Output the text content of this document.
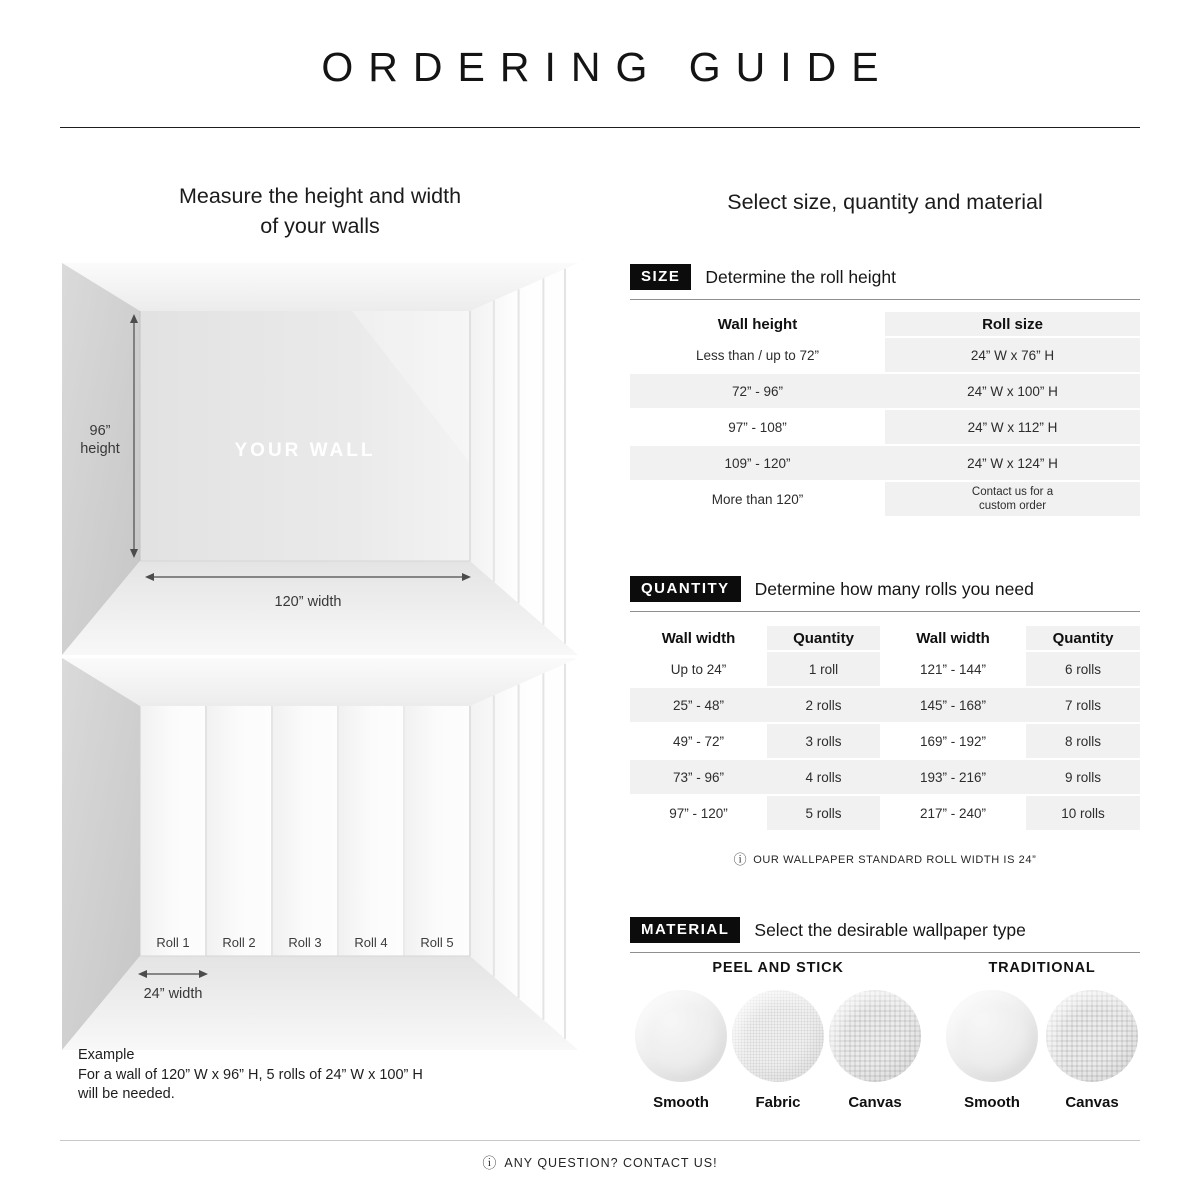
ORDERING GUIDE
Measure the height and width
of your walls
96”
height
120” width
YOUR WALL
Roll 1	Roll 2	Roll 3	Roll 4	Roll 5
24” width
Example
For a wall of 120” W x 96” H, 5 rolls of 24” W x 100” H
will be needed.
Select size, quantity and material
SIZE	Determine the roll height
Wall height	Roll size
Less than / up to 72”	24” W x 76” H
72” - 96”	24” W x 100” H
97” - 108”	24” W x 112” H
109” - 120”	24” W x 124” H
More than 120”	Contact us for a custom order
QUANTITY	Determine how many rolls you need
Wall width	Quantity	Wall width	Quantity
Up to 24”	1 roll	121” - 144”	6 rolls
25” - 48”	2 rolls	145” - 168”	7 rolls
49” - 72”	3 rolls	169” - 192”	8 rolls
73” - 96”	4 rolls	193” - 216”	9 rolls
97” - 120”	5 rolls	217” - 240”	10 rolls
ⓘ OUR WALLPAPER STANDARD ROLL WIDTH IS 24”
MATERIAL	Select the desirable wallpaper type
PEEL AND STICK
Smooth	Fabric	Canvas
TRADITIONAL
Smooth	Canvas
ⓘ ANY QUESTION? CONTACT US!
